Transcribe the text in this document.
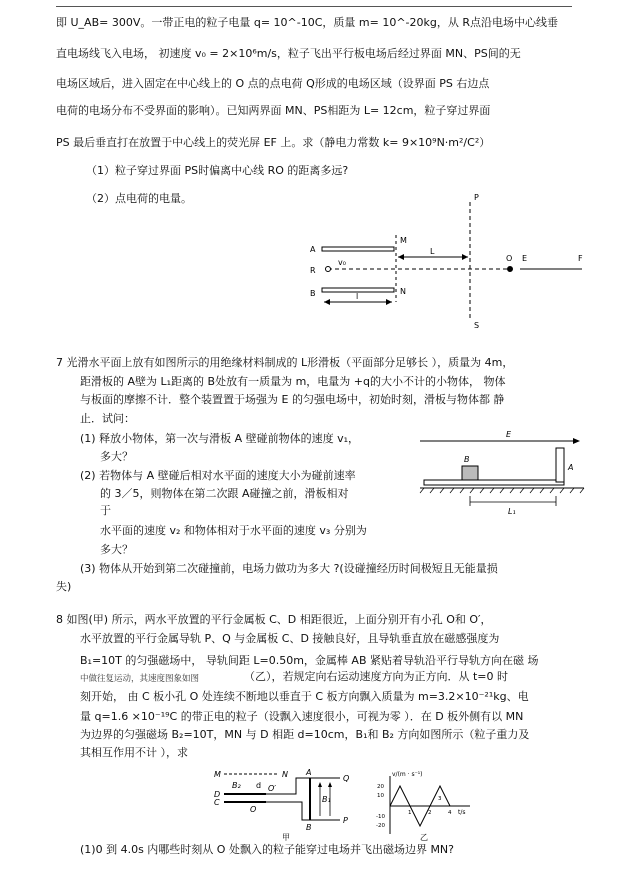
即 U_AB= 300V。一带正电的粒子电量 q= 10^-10C，质量 m= 10^-20kg，从 R点沿电场中心线垂
直电场线飞入电场， 初速度 v₀ = 2×10⁶m/s，粒子飞出平行板电场后经过界面 MN、PS间的无
电场区域后，进入固定在中心线上的 O 点的点电荷 Q形成的电场区域（设界面 PS 右边点
电荷的电场分布不受界面的影响）。已知两界面 MN、PS相距为 L= 12cm，粒子穿过界面
PS 最后垂直打在放置于中心线上的荧光屏 EF 上。求（静电力常数 k= 9×10⁹N·m²/C²）
（1）粒子穿过界面 PS时偏离中心线 RO 的距离多远?
（2）点电荷的电量。	P
S
A
B
M
N
R
v₀
L
O E	F
l
7 光滑水平面上放有如图所示的用绝缘材料制成的 L形滑板（平面部分足够长 ），质量为 4m，
距滑板的 A壁为 L₁距离的 B处放有一质量为 m，电量为 +q的大小不计的小物体， 物体
与板面的摩擦不计．整个装置置于场强为 E 的匀强电场中，初始时刻，滑板与物体都 静
止．试问：
(1) 释放小物体，第一次与滑板 A 壁碰前物体的速度 v₁，
多大？
(2) 若物体与 A 壁碰后相对水平面的速度大小为碰前速率
的 3／5，则物体在第二次跟 A碰撞之前，滑板相对
于
水平面的速度 v₂ 和物体相对于水平面的速度 v₃ 分别为
多大？
(3) 物体从开始到第二次碰撞前，电场力做功为多大 ?(设碰撞经历时间极短且无能量损
失)
E
A
B
L₁
8 如图(甲) 所示，两水平放置的平行金属板 C、D 相距很近，上面分别开有小孔 O和 O′，
水平放置的平行金属导轨 P、Q 与金属板 C、D 接触良好，且导轨垂直放在磁感强度为
B₁=10T 的匀强磁场中， 导轨间距 L=0.50m，金属棒 AB 紧贴着导轨沿平行导轨方向在磁 场
中做往复运动，其速度图象如图	（乙），若规定向右运动速度方向为正方向．从 t=0 时
刻开始， 由 C 板小孔 O 处连续不断地以垂直于 C 板方向飘入质量为 m=3.2×10⁻²¹kg、电
量 q=1.6 ×10⁻¹⁹C 的带正电的粒子（设飘入速度很小，可视为零 ）．在 D 板外侧有以 MN
为边界的匀强磁场 B₂=10T，MN 与 D 相距 d=10cm，B₁和 B₂ 方向如图所示（粒子重力及
其相互作用不计 ），求
(1)0 到 4.0s 内哪些时刻从 O 处飘入的粒子能穿过电场并飞出磁场边界 MN?
M	N
B₂ d
D
C
O
O′
Q
P
A
B
B₁
甲
v/(m · s⁻¹)
t/s
20
10
-10
-20
1	2
3
4
乙
